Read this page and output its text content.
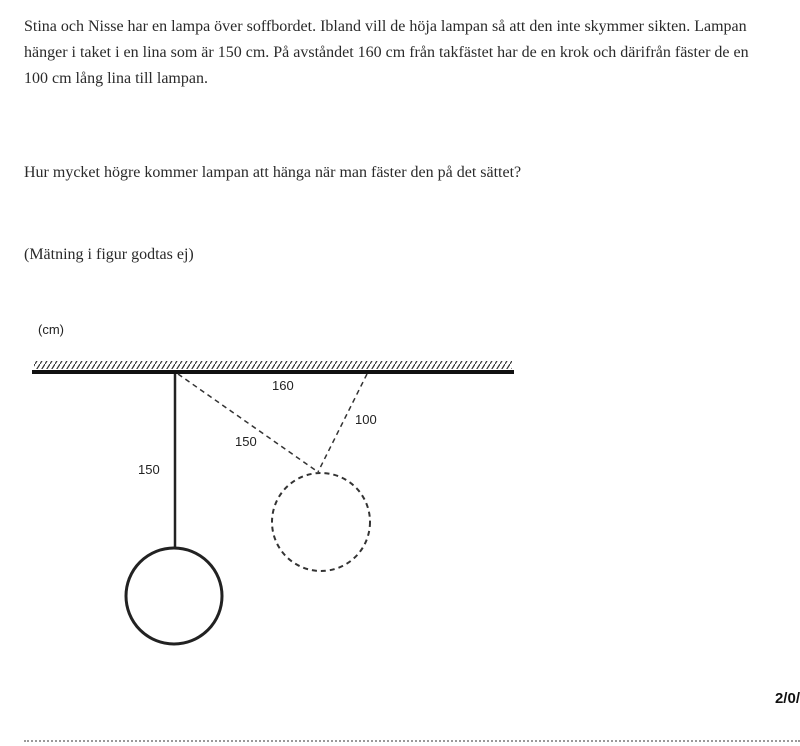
Stina och Nisse har en lampa över soffbordet. Ibland vill de höja lampan så att den inte skymmer sikten. Lampan hänger i taket i en lina som är 150 cm. På avståndet 160 cm från takfästet har de en krok och därifrån fäster de en 100 cm lång lina till lampan.

Hur mycket högre kommer lampan att hänga när man fäster den på det sättet?

(Mätning i figur godtas ej)

(cm)
160
100
150
150
2/0/
